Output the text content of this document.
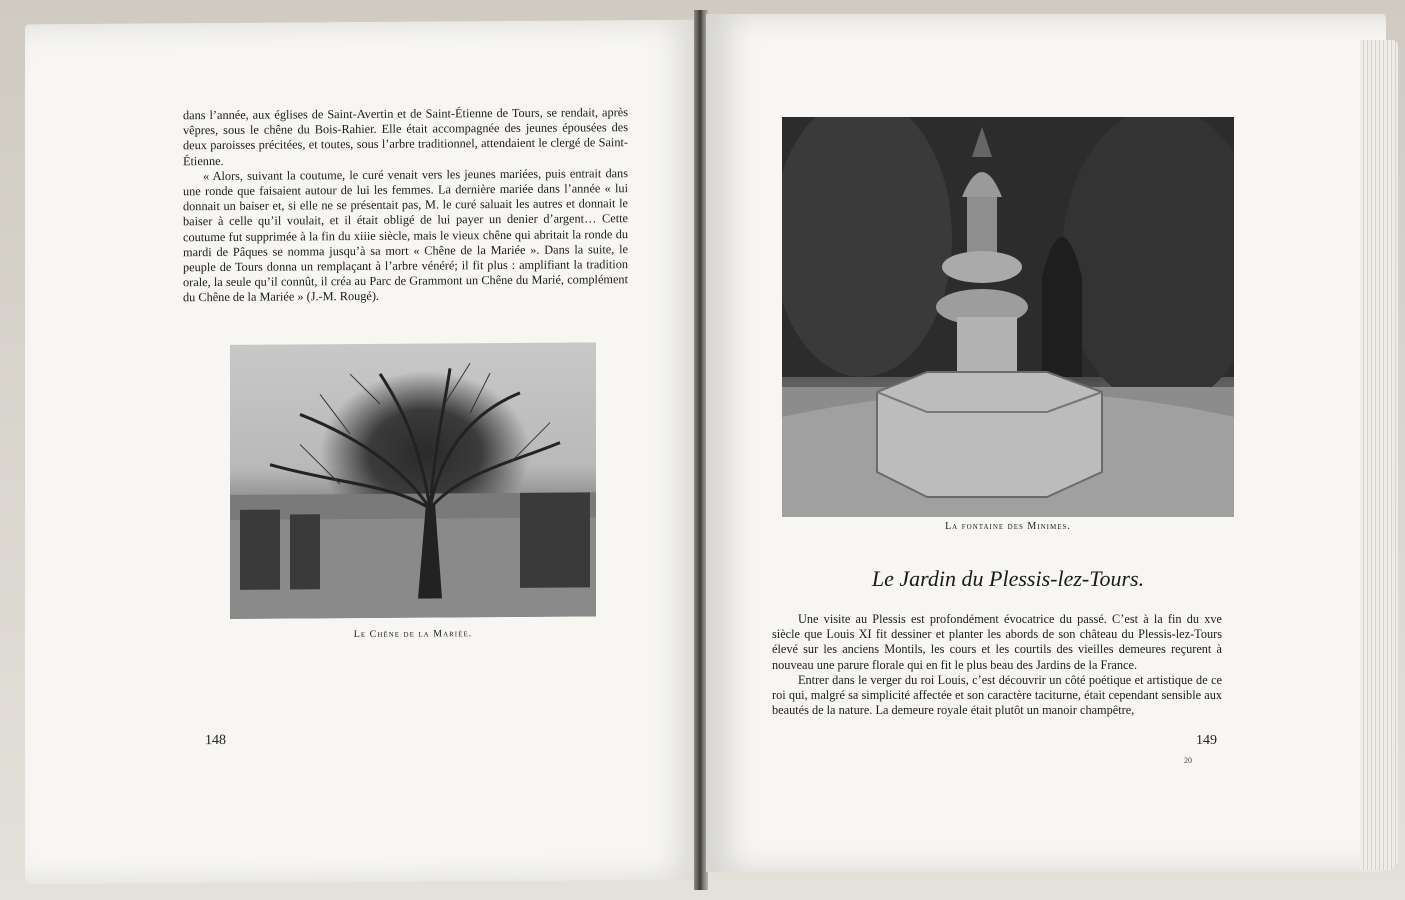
dans l’année, aux églises de Saint-Avertin et de Saint-Étienne de Tours, se rendait, après vêpres, sous le chêne du Bois-Rahier. Elle était accompagnée des jeunes épousées des deux paroisses précitées, et toutes, sous l’arbre traditionnel, attendaient le clergé de Saint-Étienne.

« Alors, suivant la coutume, le curé venait vers les jeunes mariées, puis entrait dans une ronde que faisaient autour de lui les femmes. La dernière mariée dans l’année « lui donnait un baiser et, si elle ne se présentait pas, M. le curé saluait les autres et donnait le baiser à celle qu’il voulait, et il était obligé de lui payer un denier d’argent… Cette coutume fut supprimée à la fin du xiiie siècle, mais le vieux chêne qui abritait la ronde du mardi de Pâques se nomma jusqu’à sa mort « Chêne de la Mariée ». Dans la suite, le peuple de Tours donna un remplaçant à l’arbre vénéré; il fit plus : amplifiant la tradition orale, la seule qu’il connût, il créa au Parc de Grammont un Chêne du Marié, complément du Chêne de la Mariée » (J.-M. Rougé).

Le Chêne de la Mariée.
148
La fontaine des Minimes.
Le Jardin du Plessis-lez-Tours.

Une visite au Plessis est profondément évocatrice du passé. C’est à la fin du xve siècle que Louis XI fit dessiner et planter les abords de son château du Plessis-lez-Tours élevé sur les anciens Montils, les cours et les courtils des vieilles demeures reçurent à nouveau une parure florale qui en fit le plus beau des Jardins de la France.

Entrer dans le verger du roi Louis, c’est découvrir un côté poétique et artistique de ce roi qui, malgré sa simplicité affectée et son caractère taciturne, était cependant sensible aux beautés de la nature. La demeure royale était plutôt un manoir champêtre,

149
20
